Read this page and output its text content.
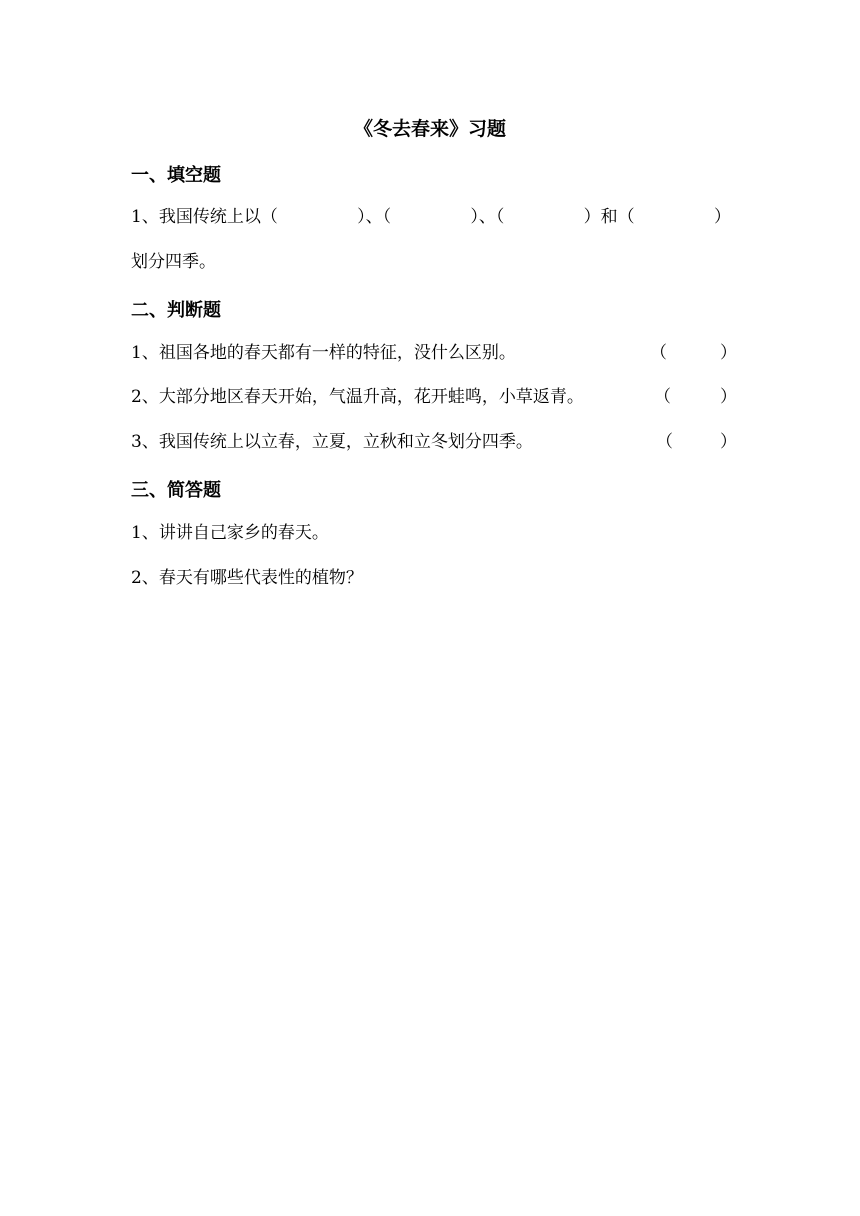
《冬去春来》习题
一、填空题
1、我国传统上以（	）、（	）、（	）和（	）
划分四季。
二、判断题
1、祖国各地的春天都有一样的特征，没什么区别。	（	）
2、大部分地区春天开始，气温升高，花开蛙鸣，小草返青。	（	）
3、我国传统上以立春，立夏，立秋和立冬划分四季。	（	）
三、简答题
1、讲讲自己家乡的春天。
2、春天有哪些代表性的植物？
